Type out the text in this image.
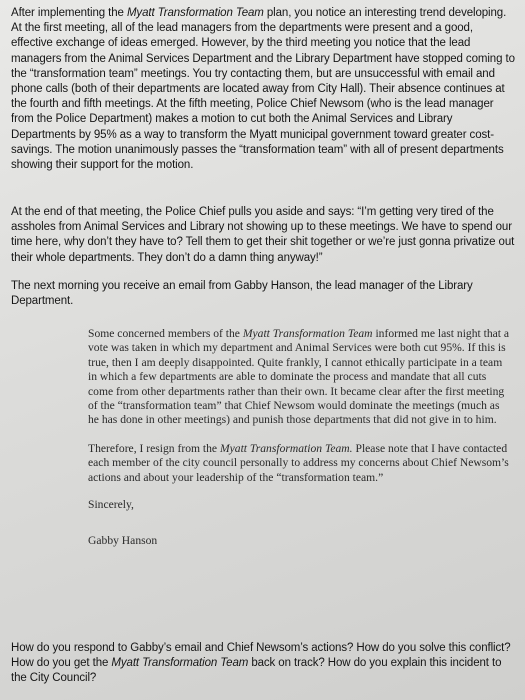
After implementing the Myatt Transformation Team plan, you notice an interesting trend developing. At the first meeting, all of the lead managers from the departments were present and a good, effective exchange of ideas emerged. However, by the third meeting you notice that the lead managers from the Animal Services Department and the Library Department have stopped coming to the “transformation team” meetings. You try contacting them, but are unsuccessful with email and phone calls (both of their departments are located away from City Hall). Their absence continues at the fourth and fifth meetings. At the fifth meeting, Police Chief Newsom (who is the lead manager from the Police Department) makes a motion to cut both the Animal Services and Library Departments by 95% as a way to transform the Myatt municipal government toward greater cost-savings. The motion unanimously passes the “transformation team” with all of present departments showing their support for the motion.

At the end of that meeting, the Police Chief pulls you aside and says: “I’m getting very tired of the assholes from Animal Services and Library not showing up to these meetings. We have to spend our time here, why don’t they have to? Tell them to get their shit together or we’re just gonna privatize out their whole departments. They don’t do a damn thing anyway!”

The next morning you receive an email from Gabby Hanson, the lead manager of the Library Department.

Some concerned members of the Myatt Transformation Team informed me last night that a vote was taken in which my department and Animal Services were both cut 95%. If this is true, then I am deeply disappointed. Quite frankly, I cannot ethically participate in a team in which a few departments are able to dominate the process and mandate that all cuts come from other departments rather than their own. It became clear after the first meeting of the “transformation team” that Chief Newsom would dominate the meetings (much as he has done in other meetings) and punish those departments that did not give in to him.

Therefore, I resign from the Myatt Transformation Team. Please note that I have contacted each member of the city council personally to address my concerns about Chief Newsom’s actions and about your leadership of the “transformation team.”

Sincerely,

Gabby Hanson

How do you respond to Gabby’s email and Chief Newsom’s actions? How do you solve this conflict? How do you get the Myatt Transformation Team back on track? How do you explain this incident to the City Council?
